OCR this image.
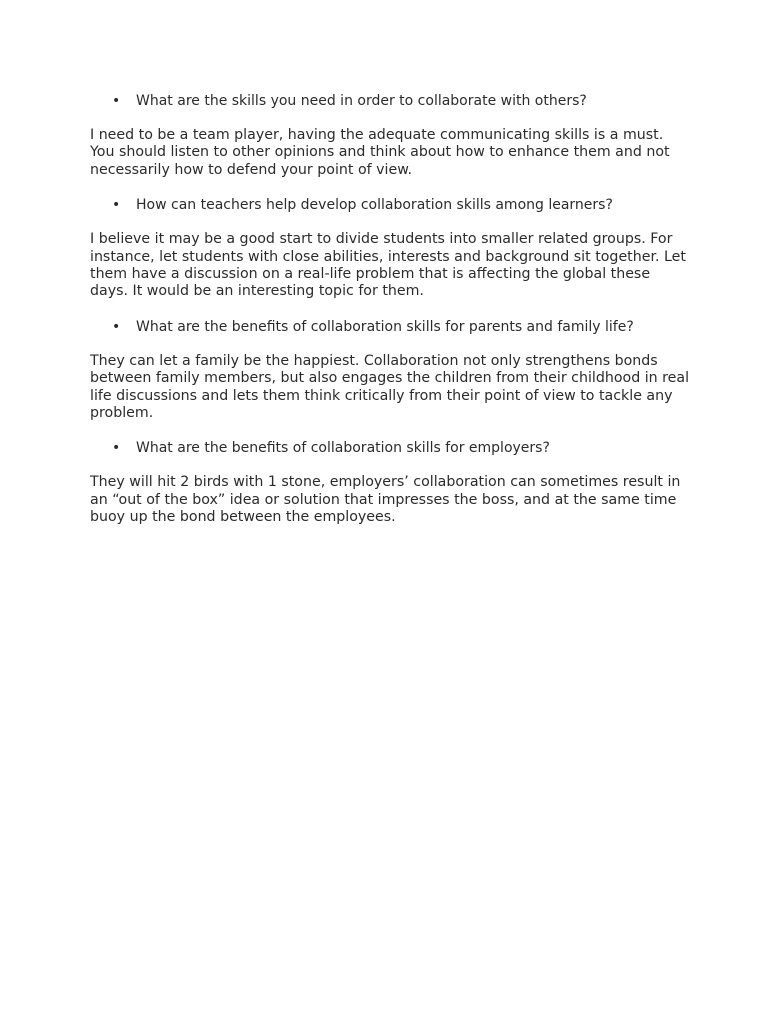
• What are the skills you need in order to collaborate with others?

I need to be a team player, having the adequate communicating skills is a must. You should listen to other opinions and think about how to enhance them and not necessarily how to defend your point of view.

• How can teachers help develop collaboration skills among learners?

I believe it may be a good start to divide students into smaller related groups. For instance, let students with close abilities, interests and background sit together. Let them have a discussion on a real-life problem that is affecting the global these days. It would be an interesting topic for them.

• What are the benefits of collaboration skills for parents and family life?

They can let a family be the happiest. Collaboration not only strengthens bonds between family members, but also engages the children from their childhood in real life discussions and lets them think critically from their point of view to tackle any problem.

• What are the benefits of collaboration skills for employers?

They will hit 2 birds with 1 stone, employers’ collaboration can sometimes result in an “out of the box” idea or solution that impresses the boss, and at the same time buoy up the bond between the employees.
